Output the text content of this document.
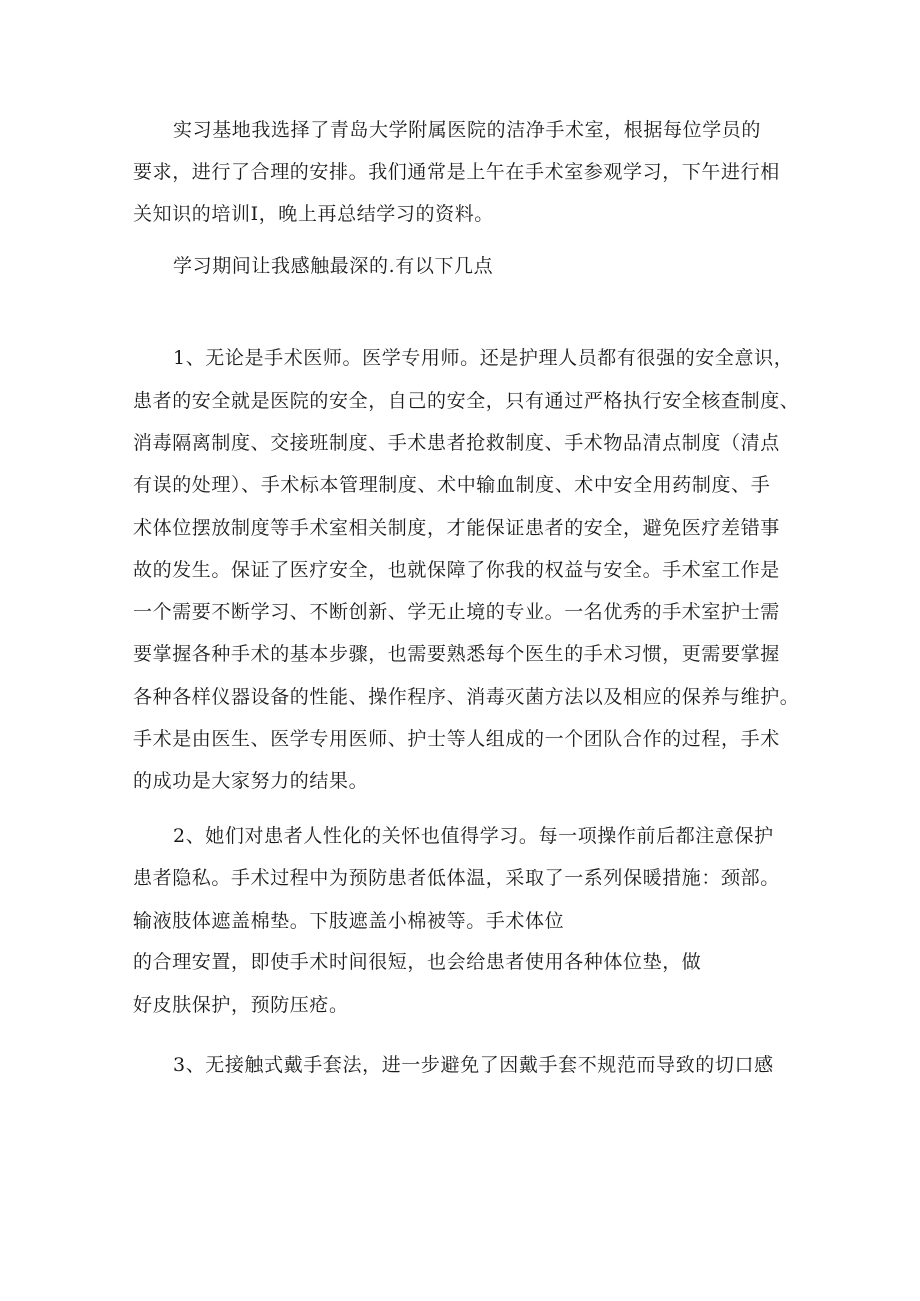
实习基地我选择了青岛大学附属医院的洁净手术室，根据每位学员的
要求，进行了合理的安排。我们通常是上午在手术室参观学习，下午进行相
关知识的培训I，晚上再总结学习的资料。
学习期间让我感触最深的.有以下几点
1、无论是手术医师。医学专用师。还是护理人员都有很强的安全意识，
患者的安全就是医院的安全，自己的安全，只有通过严格执行安全核查制度、
消毒隔离制度、交接班制度、手术患者抢救制度、手术物品清点制度（清点
有误的处理）、手术标本管理制度、术中输血制度、术中安全用药制度、手
术体位摆放制度等手术室相关制度，才能保证患者的安全，避免医疗差错事
故的发生。保证了医疗安全，也就保障了你我的权益与安全。手术室工作是
一个需要不断学习、不断创新、学无止境的专业。一名优秀的手术室护士需
要掌握各种手术的基本步骤，也需要熟悉每个医生的手术习惯，更需要掌握
各种各样仪器设备的性能、操作程序、消毒灭菌方法以及相应的保养与维护。
手术是由医生、医学专用医师、护士等人组成的一个团队合作的过程，手术
的成功是大家努力的结果。
2、她们对患者人性化的关怀也值得学习。每一项操作前后都注意保护
患者隐私。手术过程中为预防患者低体温，采取了一系列保暖措施：颈部。
输液肢体遮盖棉垫。下肢遮盖小棉被等。手术体位
的合理安置，即使手术时间很短，也会给患者使用各种体位垫，做
好皮肤保护，预防压疮。
3、无接触式戴手套法，进一步避免了因戴手套不规范而导致的切口感
